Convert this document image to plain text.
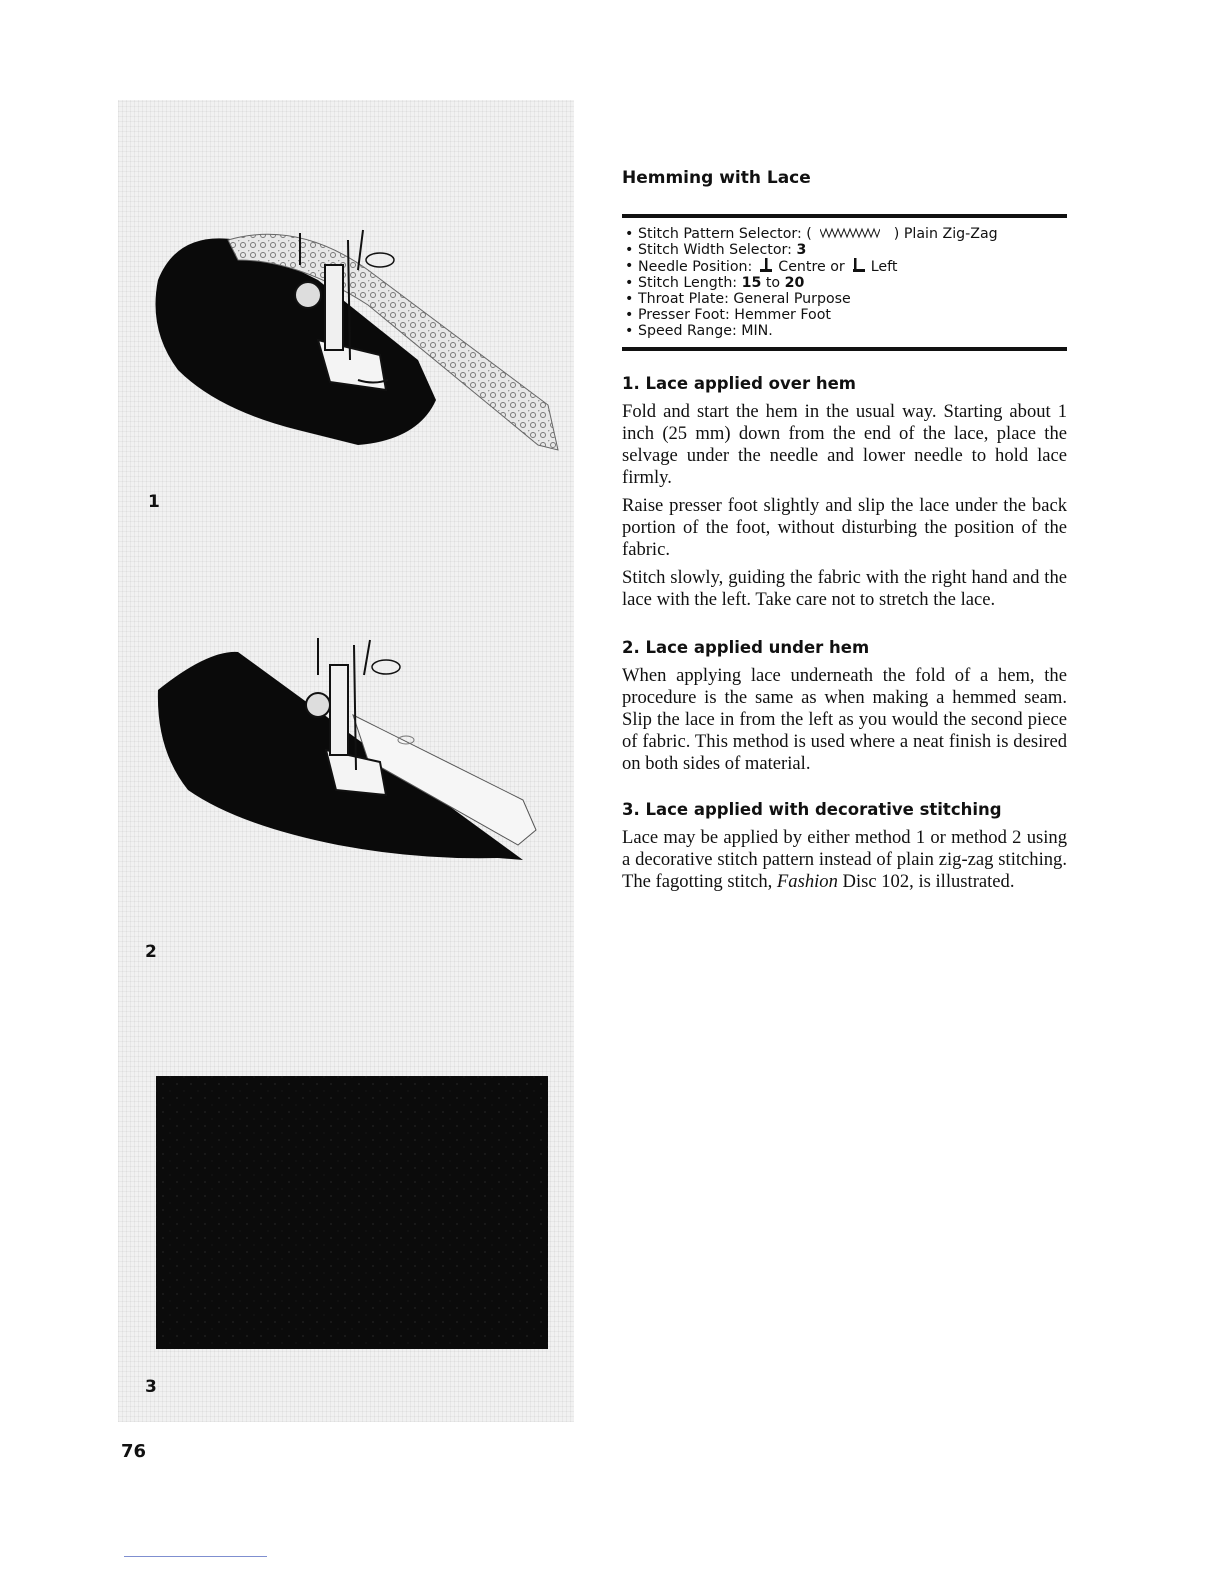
1
2
3
76
Hemming with Lace
• Stitch Pattern Selector: (	) Plain Zig-Zag
• Stitch Width Selector: 3
• Needle Position: Centre or Left
• Stitch Length: 15 to 20
• Throat Plate: General Purpose
• Presser Foot: Hemmer Foot
• Speed Range: MIN.
1. Lace applied over hem

Fold and start the hem in the usual way. Starting about 1 inch (25 mm) down from the end of the lace, place the selvage under the needle and lower needle to hold lace firmly.

Raise presser foot slightly and slip the lace under the back portion of the foot, without disturbing the position of the fabric.

Stitch slowly, guiding the fabric with the right hand and the lace with the left. Take care not to stretch the lace.

2. Lace applied under hem

When applying lace underneath the fold of a hem, the procedure is the same as when making a hemmed seam. Slip the lace in from the left as you would the second piece of fabric. This method is used where a neat finish is desired on both sides of material.

3. Lace applied with decorative stitching

Lace may be applied by either method 1 or method 2 using a decorative stitch pattern instead of plain zig-zag stitching. The fagotting stitch, Fashion Disc 102, is illustrated.
